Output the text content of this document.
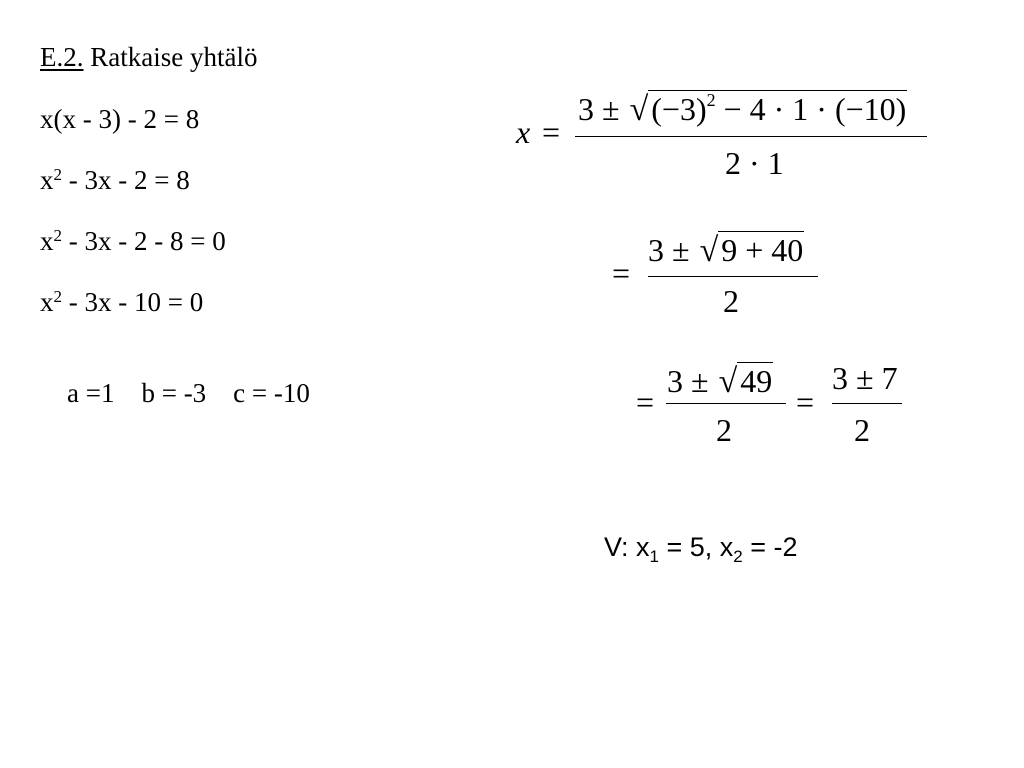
E.2. Ratkaise yhtälö
x(x - 3) - 2 = 8
$x^2 - 3x - 2 = 8$
$x^2 - 3x - 2 - 8 = 0$
$x^2 - 3x - 10 = 0$

a =1    b = -3    c = -10

x =
$3 \pm √(-3)^2 - 4 \cdot 1 \cdot (-10)$
2 · 1
=
3 ± √9 + 40
2
=
3 ± √49
2
=
3 ± 7
2
V: $x_1 = 5$, $x_2 = -2$
